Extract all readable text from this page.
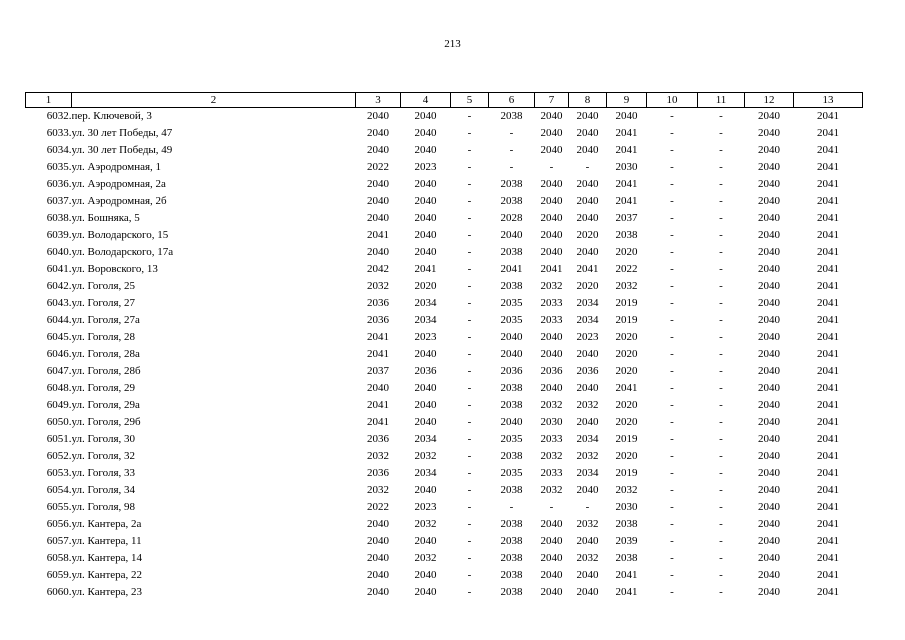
213
1	2	3	4	5	6	7	8	9	10	11	12	13
6032.	пер. Ключевой, 3	2040	2040	-	2038	2040	2040	2040	-	-	2040	2041
6033.	ул. 30 лет Победы, 47	2040	2040	-	-	2040	2040	2041	-	-	2040	2041
6034.	ул. 30 лет Победы, 49	2040	2040	-	-	2040	2040	2041	-	-	2040	2041
6035.	ул. Аэродромная, 1	2022	2023	-	-	-	-	2030	-	-	2040	2041
6036.	ул. Аэродромная, 2а	2040	2040	-	2038	2040	2040	2041	-	-	2040	2041
6037.	ул. Аэродромная, 2б	2040	2040	-	2038	2040	2040	2041	-	-	2040	2041
6038.	ул. Бошняка, 5	2040	2040	-	2028	2040	2040	2037	-	-	2040	2041
6039.	ул. Володарского, 15	2041	2040	-	2040	2040	2020	2038	-	-	2040	2041
6040.	ул. Володарского, 17а	2040	2040	-	2038	2040	2040	2020	-	-	2040	2041
6041.	ул. Воровского, 13	2042	2041	-	2041	2041	2041	2022	-	-	2040	2041
6042.	ул. Гоголя, 25	2032	2020	-	2038	2032	2020	2032	-	-	2040	2041
6043.	ул. Гоголя, 27	2036	2034	-	2035	2033	2034	2019	-	-	2040	2041
6044.	ул. Гоголя, 27а	2036	2034	-	2035	2033	2034	2019	-	-	2040	2041
6045.	ул. Гоголя, 28	2041	2023	-	2040	2040	2023	2020	-	-	2040	2041
6046.	ул. Гоголя, 28а	2041	2040	-	2040	2040	2040	2020	-	-	2040	2041
6047.	ул. Гоголя, 28б	2037	2036	-	2036	2036	2036	2020	-	-	2040	2041
6048.	ул. Гоголя, 29	2040	2040	-	2038	2040	2040	2041	-	-	2040	2041
6049.	ул. Гоголя, 29а	2041	2040	-	2038	2032	2032	2020	-	-	2040	2041
6050.	ул. Гоголя, 29б	2041	2040	-	2040	2030	2040	2020	-	-	2040	2041
6051.	ул. Гоголя, 30	2036	2034	-	2035	2033	2034	2019	-	-	2040	2041
6052.	ул. Гоголя, 32	2032	2032	-	2038	2032	2032	2020	-	-	2040	2041
6053.	ул. Гоголя, 33	2036	2034	-	2035	2033	2034	2019	-	-	2040	2041
6054.	ул. Гоголя, 34	2032	2040	-	2038	2032	2040	2032	-	-	2040	2041
6055.	ул. Гоголя, 98	2022	2023	-	-	-	-	2030	-	-	2040	2041
6056.	ул. Кантера, 2а	2040	2032	-	2038	2040	2032	2038	-	-	2040	2041
6057.	ул. Кантера, 11	2040	2040	-	2038	2040	2040	2039	-	-	2040	2041
6058.	ул. Кантера, 14	2040	2032	-	2038	2040	2032	2038	-	-	2040	2041
6059.	ул. Кантера, 22	2040	2040	-	2038	2040	2040	2041	-	-	2040	2041
6060.	ул. Кантера, 23	2040	2040	-	2038	2040	2040	2041	-	-	2040	2041
